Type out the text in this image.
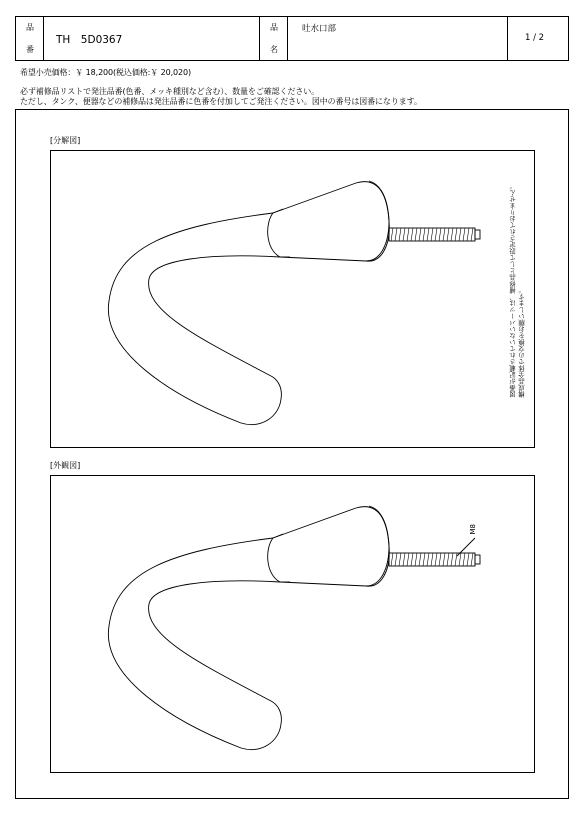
品
番
TH　5D0367
品
名
吐水口部
1 / 2
希望小売価格：￥ 18,200(税込価格:￥ 20,020)
必ず補修品リストで発注品番(色番、メッキ種別など含む）、数量をご確認ください。
ただし、タンク、便器などの補修品は発注品番に色番を付加してご発注ください。図中の番号は図番になります。
[分解図]
図番が記載されていないパーツは、補修品として設定されておりません。
構成品全体での交換をお願いします。
[外観図]
M8
